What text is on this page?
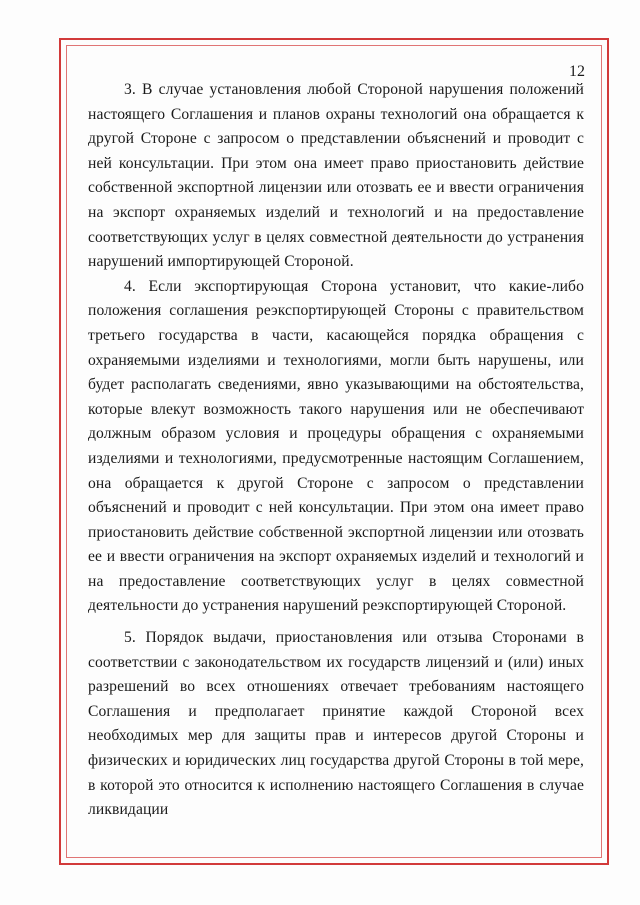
12

3. В случае установления любой Стороной нарушения положений настоящего Соглашения и планов охраны технологий она обращается к другой Стороне с запросом о представлении объяснений и проводит с ней консультации. При этом она имеет право приостановить действие собственной экспортной лицензии или отозвать ее и ввести ограничения на экспорт охраняемых изделий и технологий и на предоставление соответствующих услуг в целях совместной деятельности до устранения нарушений импортирующей Стороной.

4. Если экспортирующая Сторона установит, что какие-либо положения соглашения реэкспортирующей Стороны с правительством третьего государства в части, касающейся порядка обращения с охраняемыми изделиями и технологиями, могли быть нарушены, или будет располагать сведениями, явно указывающими на обстоятельства, которые влекут возможность такого нарушения или не обеспечивают должным образом условия и процедуры обращения с охраняемыми изделиями и технологиями, предусмотренные настоящим Соглашением, она обращается к другой Стороне с запросом о представлении объяснений и проводит с ней консультации. При этом она имеет право приостановить действие собственной экспортной лицензии или отозвать ее и ввести ограничения на экспорт охраняемых изделий и технологий и на предоставление соответствующих услуг в целях совместной деятельности до устранения нарушений реэкспортирующей Стороной.

5. Порядок выдачи, приостановления или отзыва Сторонами в соответствии с законодательством их государств лицензий и (или) иных разрешений во всех отношениях отвечает требованиям настоящего Соглашения и предполагает принятие каждой Стороной всех необходимых мер для защиты прав и интересов другой Стороны и физических и юридических лиц государства другой Стороны в той мере, в которой это относится к исполнению настоящего Соглашения в случае ликвидации
